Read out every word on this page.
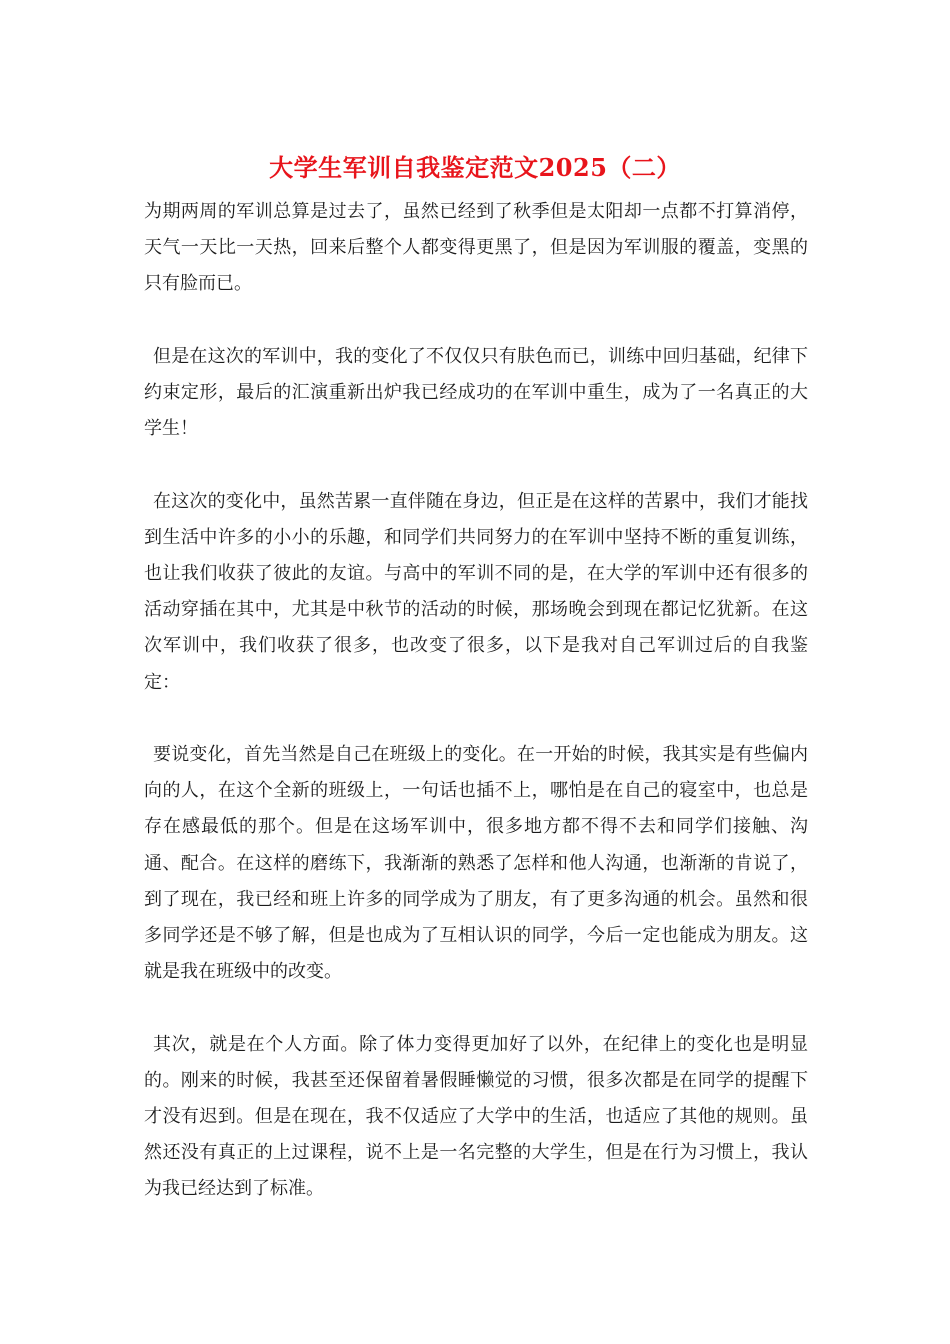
大学生军训自我鉴定范文2025（二）

为期两周的军训总算是过去了，虽然已经到了秋季但是太阳却一点都不打算消停，天气一天比一天热，回来后整个人都变得更黑了，但是因为军训服的覆盖，变黑的只有脸而已。

但是在这次的军训中，我的变化了不仅仅只有肤色而已，训练中回归基础，纪律下约束定形，最后的汇演重新出炉我已经成功的在军训中重生，成为了一名真正的大学生！

在这次的变化中，虽然苦累一直伴随在身边，但正是在这样的苦累中，我们才能找到生活中许多的小小的乐趣，和同学们共同努力的在军训中坚持不断的重复训练，也让我们收获了彼此的友谊。与高中的军训不同的是，在大学的军训中还有很多的活动穿插在其中，尤其是中秋节的活动的时候，那场晚会到现在都记忆犹新。在这次军训中，我们收获了很多，也改变了很多，以下是我对自己军训过后的自我鉴定：

要说变化，首先当然是自己在班级上的变化。在一开始的时候，我其实是有些偏内向的人，在这个全新的班级上，一句话也插不上，哪怕是在自己的寝室中，也总是存在感最低的那个。但是在这场军训中，很多地方都不得不去和同学们接触、沟通、配合。在这样的磨练下，我渐渐的熟悉了怎样和他人沟通，也渐渐的肯说了，到了现在，我已经和班上许多的同学成为了朋友，有了更多沟通的机会。虽然和很多同学还是不够了解，但是也成为了互相认识的同学，今后一定也能成为朋友。这就是我在班级中的改变。

其次，就是在个人方面。除了体力变得更加好了以外，在纪律上的变化也是明显的。刚来的时候，我甚至还保留着暑假睡懒觉的习惯，很多次都是在同学的提醒下才没有迟到。但是在现在，我不仅适应了大学中的生活，也适应了其他的规则。虽然还没有真正的上过课程，说不上是一名完整的大学生，但是在行为习惯上，我认为我已经达到了标准。
